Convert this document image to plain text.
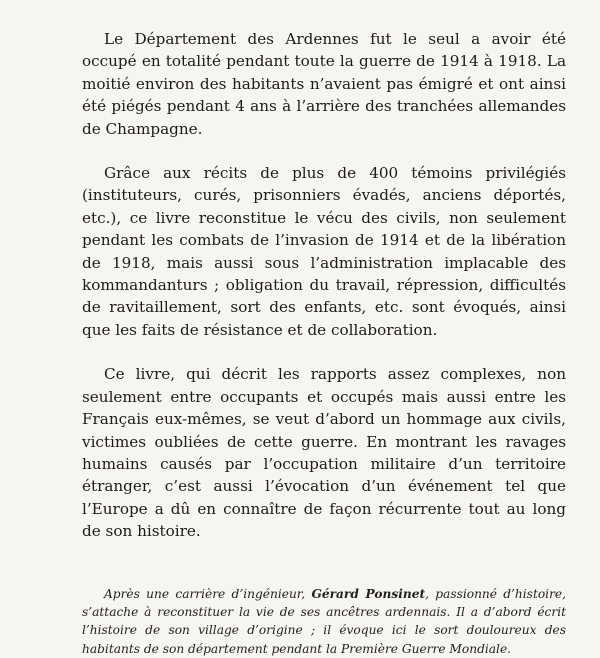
Le Département des Ardennes fut le seul a avoir été occupé en totalité pendant toute la guerre de 1914 à 1918. La moitié environ des habitants n’avaient pas émigré et ont ainsi été piégés pendant 4 ans à l’arrière des tranchées allemandes de Champagne.

Grâce aux récits de plus de 400 témoins privilégiés (instituteurs, curés, prisonniers évadés, anciens déportés, etc.), ce livre reconstitue le vécu des civils, non seulement pendant les combats de l’invasion de 1914 et de la libération de 1918, mais aussi sous l’administration implacable des kommandanturs ; obligation du travail, répression, difficultés de ravitaillement, sort des enfants, etc. sont évoqués, ainsi que les faits de résistance et de collaboration.

Ce livre, qui décrit les rapports assez complexes, non seulement entre occupants et occupés mais aussi entre les Français eux-mêmes, se veut d’abord un hommage aux civils, victimes oubliées de cette guerre. En montrant les ravages humains causés par l’occupation militaire d’un territoire étranger, c’est aussi l’évocation d’un événement tel que l’Europe a dû en connaître de façon récurrente tout au long de son histoire.

Après une carrière d’ingénieur, Gérard Ponsinet, passionné d’histoire, s’attache à reconstituer la vie de ses ancêtres ardennais. Il a d’abord écrit l’histoire de son village d’origine ; il évoque ici le sort douloureux des habitants de son département pendant la Première Guerre Mondiale.
